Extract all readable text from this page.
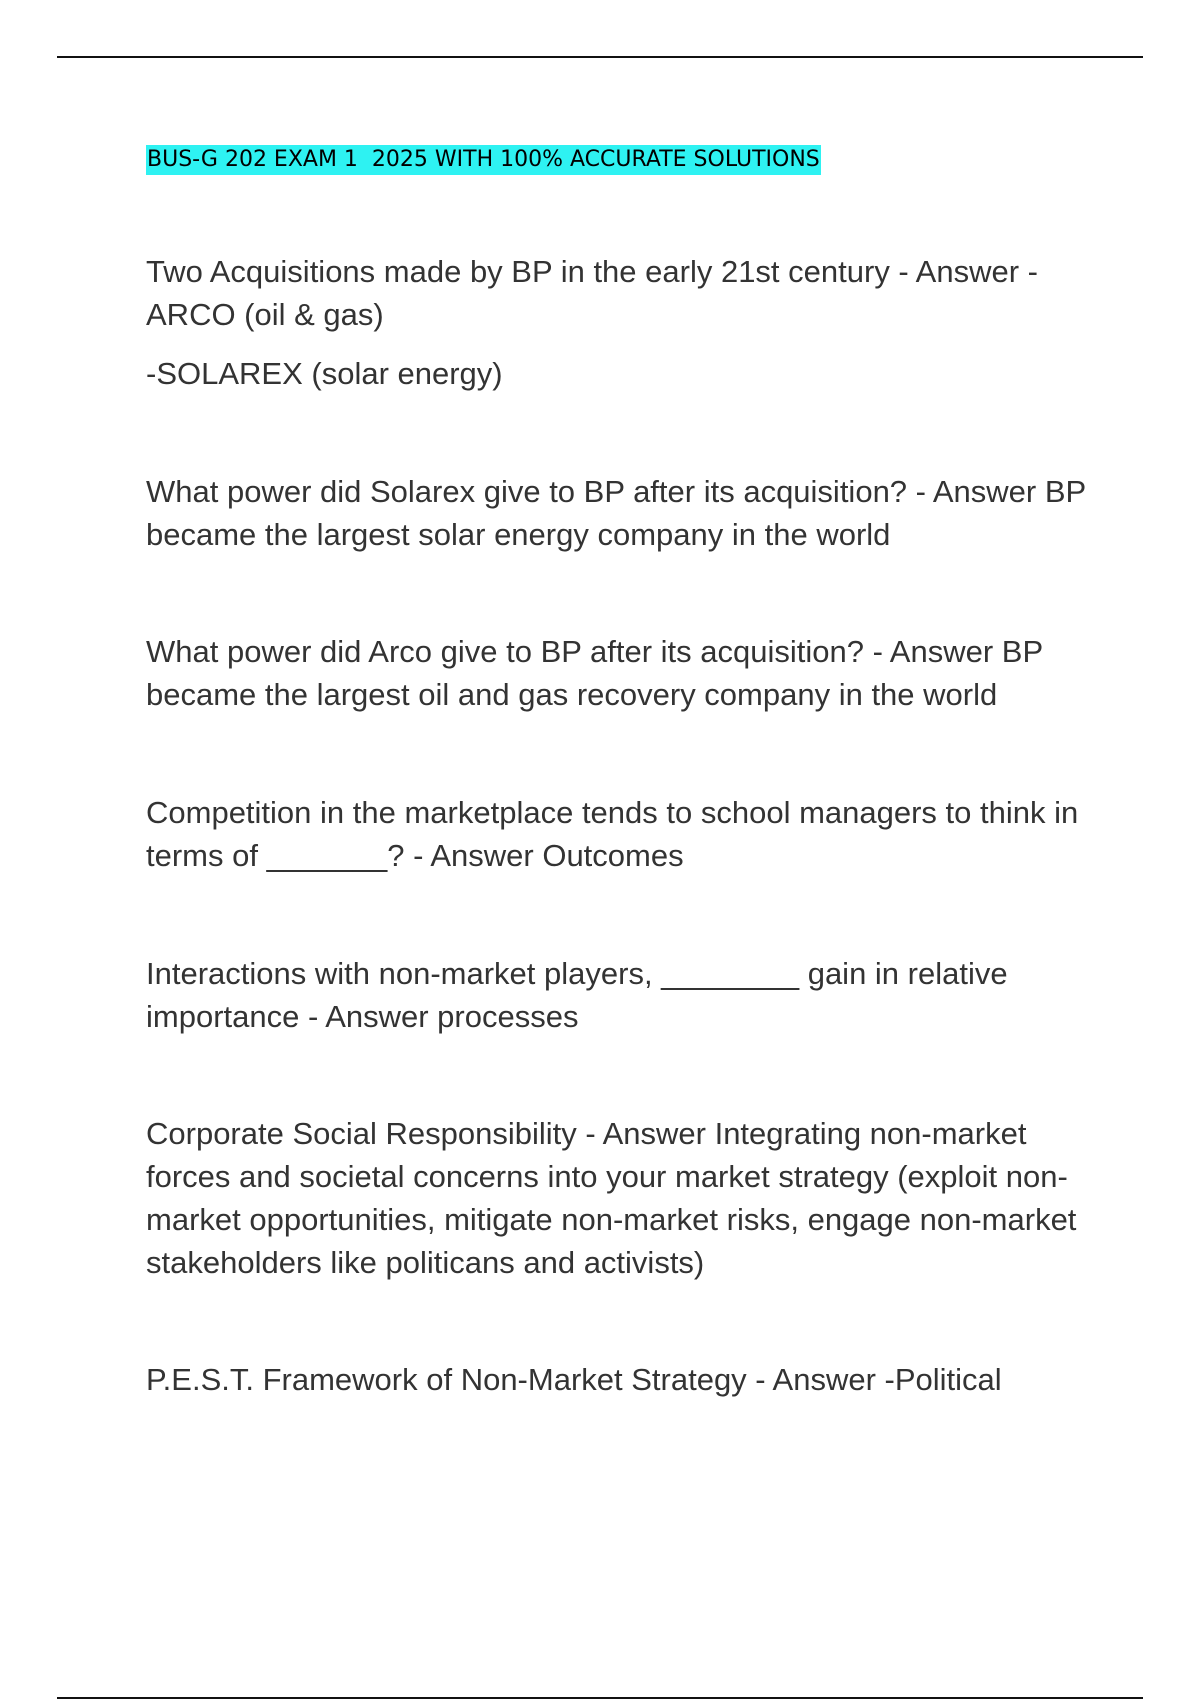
BUS-G 202 EXAM 1  2025 WITH 100% ACCURATE SOLUTIONS

Two Acquisitions made by BP in the early 21st century - Answer - ARCO (oil & gas)

-SOLAREX (solar energy)

What power did Solarex give to BP after its acquisition? - Answer BP became the largest solar energy company in the world

What power did Arco give to BP after its acquisition? - Answer BP became the largest oil and gas recovery company in the world

Competition in the marketplace tends to school managers to think in terms of _______? - Answer Outcomes

Interactions with non-market players, ________ gain in relative importance - Answer processes

Corporate Social Responsibility - Answer Integrating non-market forces and societal concerns into your market strategy (exploit non-market opportunities, mitigate non-market risks, engage non-market stakeholders like politicans and activists)

P.E.S.T. Framework of Non-Market Strategy - Answer -Political
